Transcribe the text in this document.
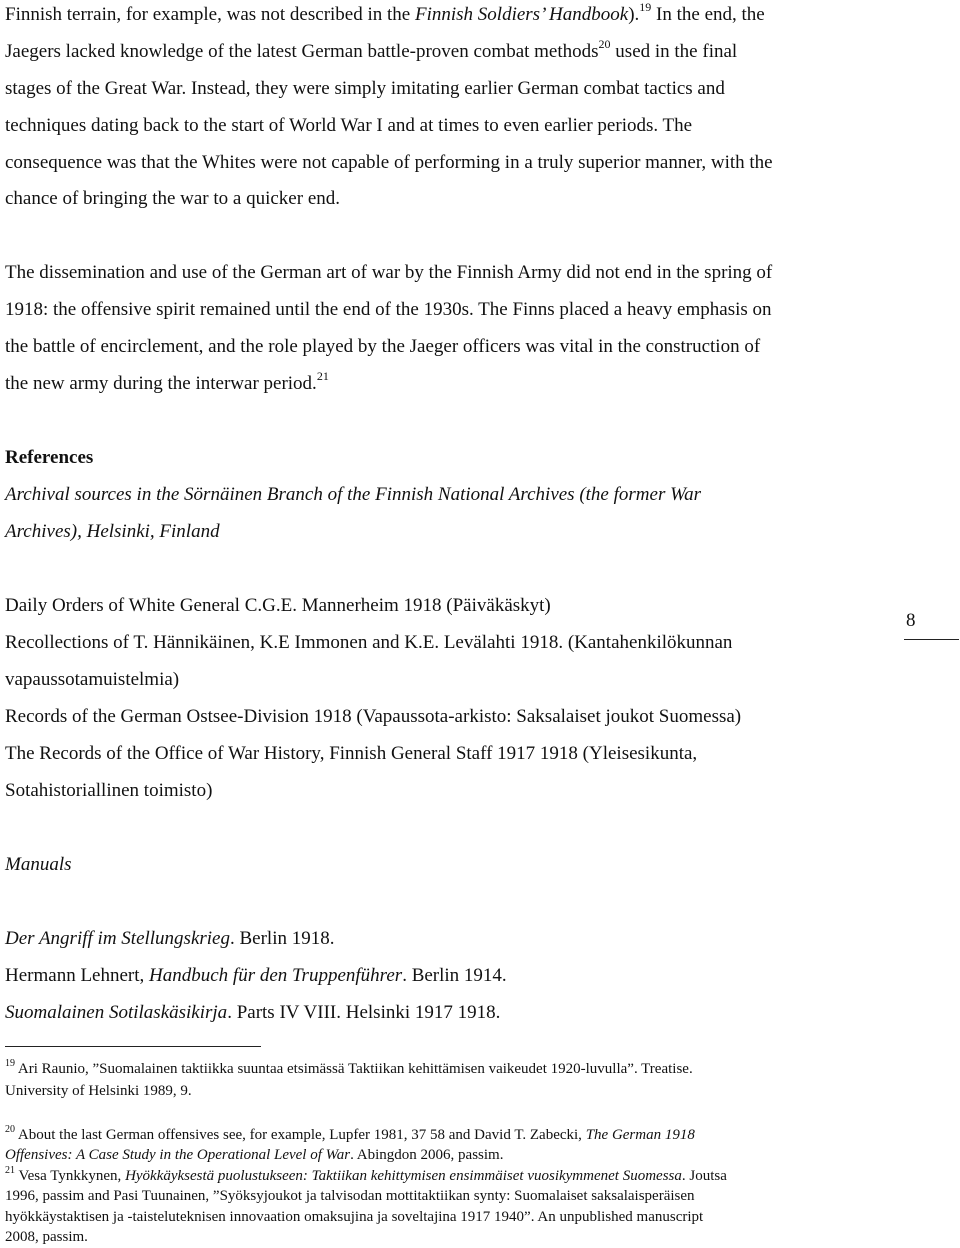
Finnish terrain, for example, was not described in the Finnish Soldiers’ Handbook).$^{19}$ In the end, the
Jaegers lacked knowledge of the latest German battle-proven combat methods$^{20}$ used in the final
stages of the Great War. Instead, they were simply imitating earlier German combat tactics and
techniques dating back to the start of World War I and at times to even earlier periods. The
consequence was that the Whites were not capable of performing in a truly superior manner, with the
chance of bringing the war to a quicker end.
The dissemination and use of the German art of war by the Finnish Army did not end in the spring of
1918: the offensive spirit remained until the end of the 1930s. The Finns placed a heavy emphasis on
the battle of encirclement, and the role played by the Jaeger officers was vital in the construction of
the new army during the interwar period.$^{21}$
References
Archival sources in the Sörnäinen Branch of the Finnish National Archives (the former War
Archives), Helsinki, Finland
Daily Orders of White General C.G.E. Mannerheim 1918 (Päiväkäskyt)
Recollections of T. Hännikäinen, K.E Immonen and K.E. Levälahti 1918. (Kantahenkilökunnan
vapaussotamuistelmia)
Records of the German Ostsee-Division 1918 (Vapaussota-arkisto: Saksalaiset joukot Suomessa)
The Records of the Office of War History, Finnish General Staff 1917 1918 (Yleisesikunta,
Sotahistoriallinen toimisto)
Manuals
Der Angriff im Stellungskrieg. Berlin 1918.
Hermann Lehnert, Handbuch für den Truppenführer. Berlin 1914.
Suomalainen Sotilaskäsikirja. Parts IV VIII. Helsinki 1917 1918.
$^{19}$ Ari Raunio, ”Suomalainen taktiikka suuntaa etsimässä Taktiikan kehittämisen vaikeudet 1920-luvulla”. Treatise.
University of Helsinki 1989, 9.
$^{20}$ About the last German offensives see, for example, Lupfer 1981, 37 58 and David T. Zabecki, The German 1918
Offensives: A Case Study in the Operational Level of War. Abingdon 2006, passim.
$^{21}$ Vesa Tynkkynen, Hyökkäyksestä puolustukseen: Taktiikan kehittymisen ensimmäiset vuosikymmenet Suomessa. Joutsa
1996, passim and Pasi Tuunainen, ”Syöksyjoukot ja talvisodan mottitaktiikan synty: Suomalaiset saksalaisperäisen
hyökkäystaktisen ja -taisteluteknisen innovaation omaksujina ja soveltajina 1917 1940”. An unpublished manuscript
2008, passim.
8
